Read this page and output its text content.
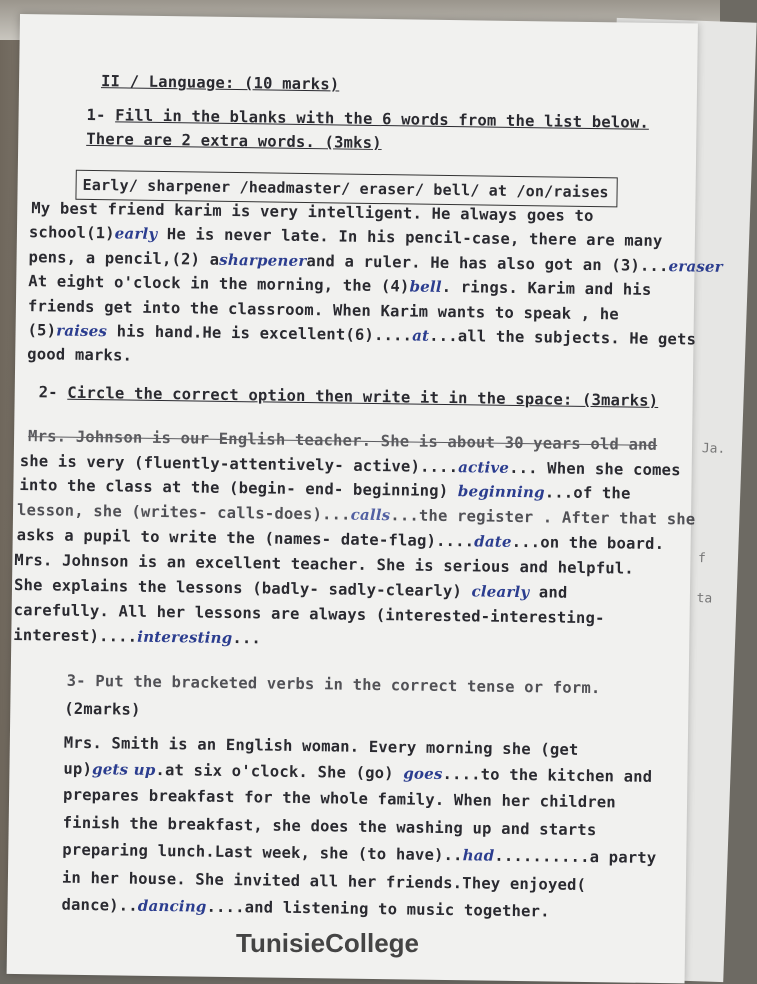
Ja.
f
ta
II / Language: (10 marks)
1- Fill in the blanks with the 6 words from the list below.
There are 2 extra words. (3mks)
Early/ sharpener /headmaster/ eraser/ bell/ at /on/raises
My best friend karim is very intelligent. He always goes to
school(1)early He is never late. In his pencil-case, there are many
pens, a pencil,(2) asharpenerand a ruler. He has also got an (3)...eraser
At eight o'clock in the morning, the (4)bell. rings. Karim and his
friends get into the classroom. When Karim wants to speak , he
(5)raises his hand.He is excellent(6)....at...all the subjects. He gets
good marks.
2- Circle the correct option then write it in the space: (3marks)
Mrs. Johnson is our English teacher. She is about 30 years old and
she is very (fluently-attentively- active)....active... When she comes
into the class at the (begin- end- beginning) beginning...of the
lesson, she (writes- calls-does)...calls...the register . After that she
asks a pupil to write the (names- date-flag)....date...on the board.
Mrs. Johnson is an excellent teacher. She is serious and helpful.
She explains the lessons (badly- sadly-clearly) clearly and
carefully. All her lessons are always (interested-interesting-
interest)....interesting...
3- Put the bracketed verbs in the correct tense or form.
(2marks)
Mrs. Smith is an English woman. Every morning she (get
up)gets up.at six o'clock. She (go) goes....to the kitchen and
prepares breakfast for the whole family. When her children
finish the breakfast, she does the washing up and starts
preparing lunch.Last week, she (to have)..had..........a party
in her house. She invited all her friends.They enjoyed(
dance)..dancing....and listening to music together.
TunisieCollege
